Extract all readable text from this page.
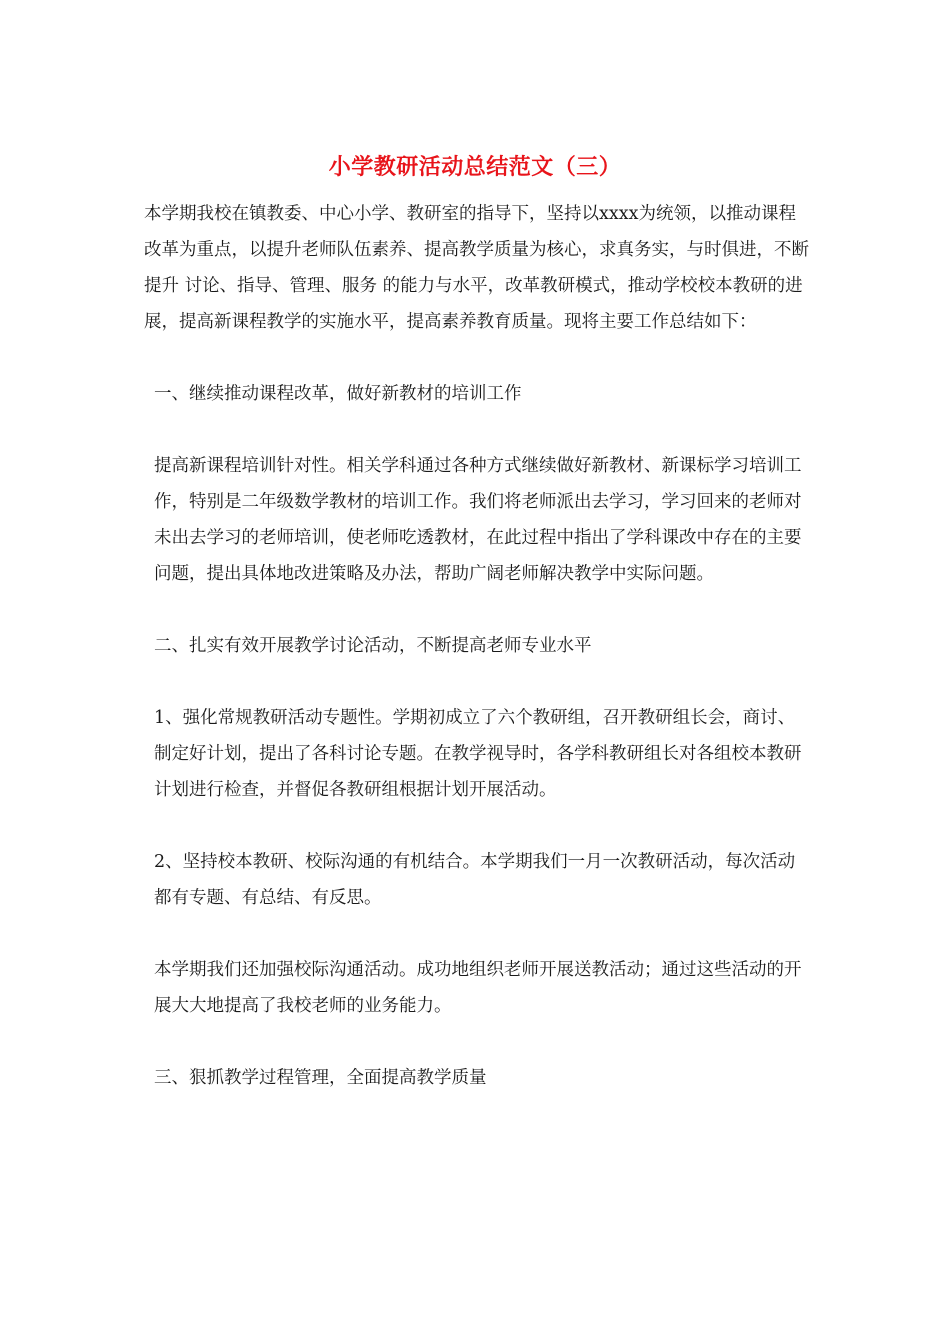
小学教研活动总结范文（三）

本学期我校在镇教委、中心小学、教研室的指导下，坚持以xxxx为统领，以推动课程改革为重点，以提升老师队伍素养、提高教学质量为核心，求真务实，与时俱进，不断提升 讨论、指导、管理、服务 的能力与水平，改革教研模式，推动学校校本教研的进展，提高新课程教学的实施水平，提高素养教育质量。现将主要工作总结如下：

一、继续推动课程改革，做好新教材的培训工作

提高新课程培训针对性。相关学科通过各种方式继续做好新教材、新课标学习培训工作，特别是二年级数学教材的培训工作。我们将老师派出去学习，学习回来的老师对未出去学习的老师培训，使老师吃透教材，在此过程中指出了学科课改中存在的主要问题，提出具体地改进策略及办法，帮助广阔老师解决教学中实际问题。

二、扎实有效开展教学讨论活动，不断提高老师专业水平

1、强化常规教研活动专题性。学期初成立了六个教研组，召开教研组长会，商讨、制定好计划，提出了各科讨论专题。在教学视导时，各学科教研组长对各组校本教研计划进行检查，并督促各教研组根据计划开展活动。

2、坚持校本教研、校际沟通的有机结合。本学期我们一月一次教研活动，每次活动都有专题、有总结、有反思。

本学期我们还加强校际沟通活动。成功地组织老师开展送教活动；通过这些活动的开展大大地提高了我校老师的业务能力。

三、狠抓教学过程管理，全面提高教学质量
